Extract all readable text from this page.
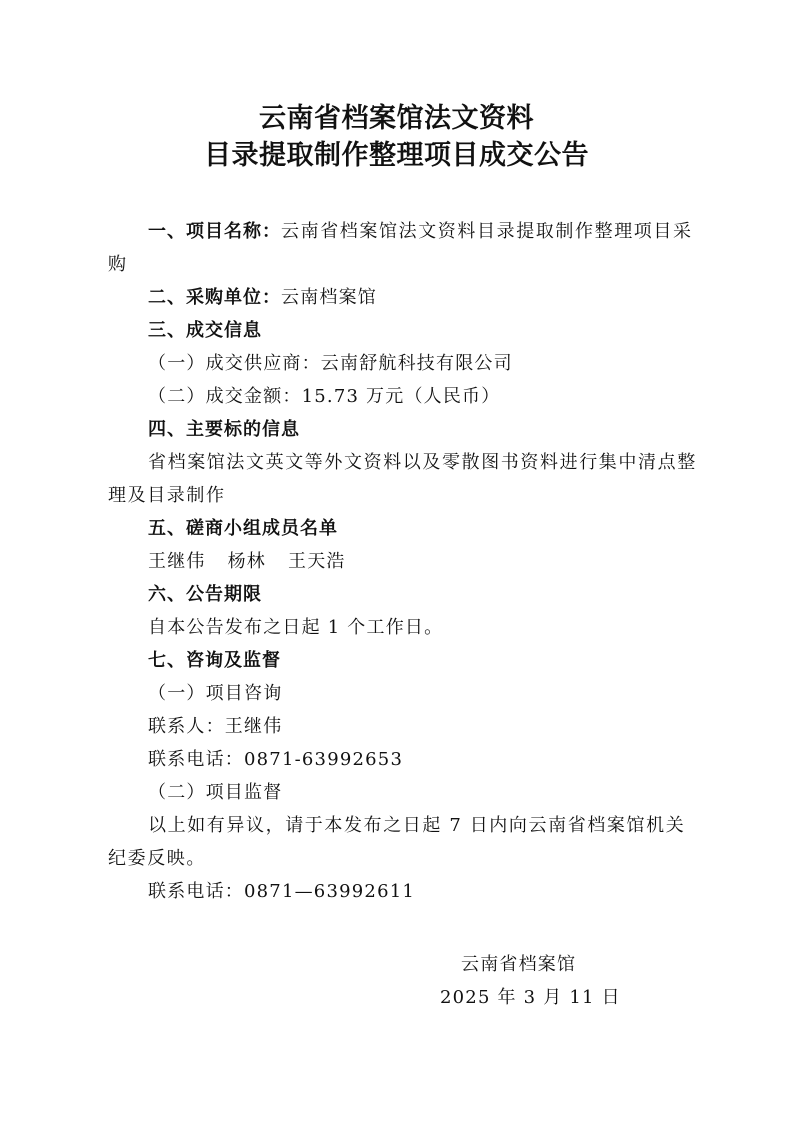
云南省档案馆法文资料
目录提取制作整理项目成交公告
一、项目名称：云南省档案馆法文资料目录提取制作整理项目采购
二、采购单位：云南档案馆
三、成交信息
（一）成交供应商：云南舒航科技有限公司
（二）成交金额：15.73 万元（人民币）
四、主要标的信息
省档案馆法文英文等外文资料以及零散图书资料进行集中清点整理及目录制作
五、磋商小组成员名单
王继伟 杨林 王天浩
六、公告期限
自本公告发布之日起 1 个工作日。
七、咨询及监督
（一）项目咨询
联系人：王继伟
联系电话：0871-63992653
（二）项目监督
以上如有异议，请于本发布之日起 7 日内向云南省档案馆机关纪委反映。
联系电话：0871—63992611
云南省档案馆
2025 年 3 月 11 日
